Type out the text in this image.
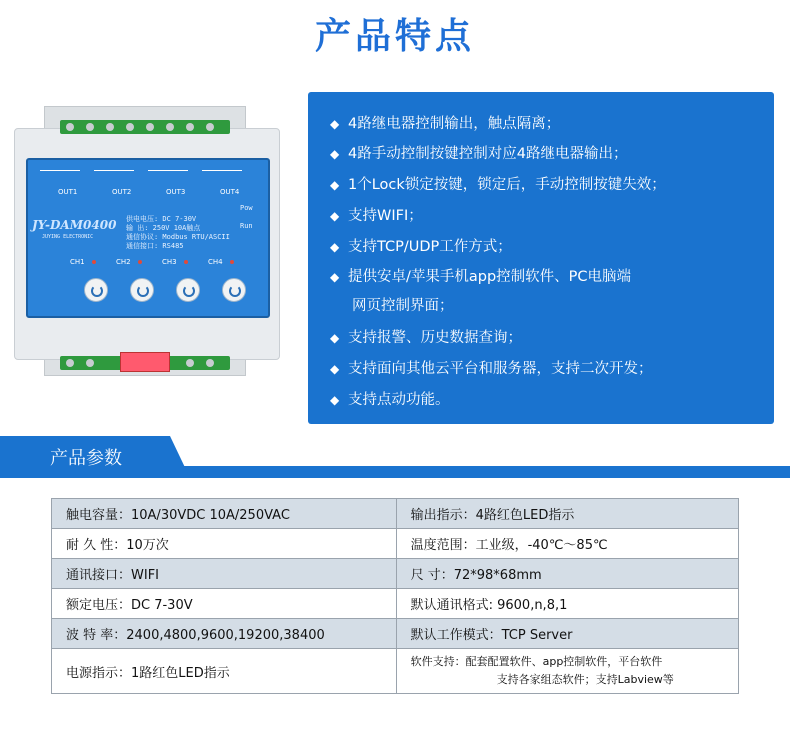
产品特点
OUT1	OUT2	OUT3	OUT4
Pow
Run
JY-DAM0400
JUYING ELECTRONIC
供电电压: DC 7-30V
输 出: 250V 10A触点
通信协议: Modbus RTU/ASCII
通信接口: RS485
CH1	CH2	CH3	CH4
◆ 4路继电器控制输出，触点隔离；
◆ 4路手动控制按键控制对应4路继电器输出；
◆ 1个Lock锁定按键，锁定后，手动控制按键失效；
◆ 支持WIFI；
◆ 支持TCP/UDP工作方式；
◆ 提供安卓/苹果手机app控制软件、PC电脑端
网页控制界面；
◆ 支持报警、历史数据查询；
◆ 支持面向其他云平台和服务器，支持二次开发；
◆ 支持点动功能。
产品参数
触电容量：10A/30VDC 10A/250VAC	输出指示：4路红色LED指示
耐 久 性：10万次	温度范围：工业级，-40℃～85℃
通讯接口：WIFI	尺 寸：72*98*68mm
额定电压：DC 7-30V	默认通讯格式: 9600,n,8,1
波 特 率：2400,4800,9600,19200,38400	默认工作模式：TCP Server
电源指示：1路红色LED指示	软件支持：配套配置软件、app控制软件，平台软件
支持各家组态软件；支持Labview等
